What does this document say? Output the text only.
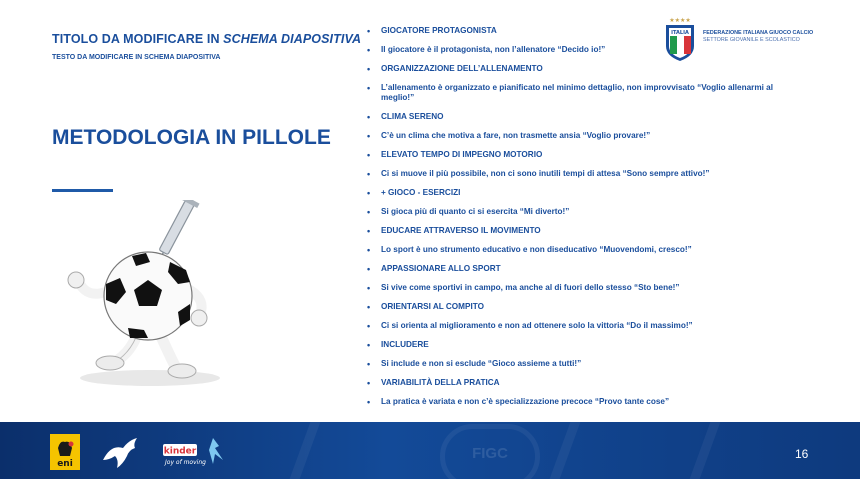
TITOLO DA MODIFICARE IN SCHEMA DIAPOSITIVA
TESTO DA MODIFICARE IN SCHEMA DIAPOSITIVA
METODOLOGIA IN PILLOLE
• GIOCATORE PROTAGONISTA
• Il giocatore è il protagonista, non l’allenatore “Decido io!”
• ORGANIZZAZIONE DELL’ALLENAMENTO
• L’allenamento è organizzato e pianificato nel minimo dettaglio, non improvvisato “Voglio allenarmi al meglio!”
• CLIMA SERENO
• C’è un clima che motiva a fare, non trasmette ansia “Voglio provare!”
• ELEVATO TEMPO DI IMPEGNO MOTORIO
• Ci si muove il più possibile, non ci sono inutili tempi di attesa “Sono sempre attivo!”
• + GIOCO - ESERCIZI
• Si gioca più di quanto ci si esercita “Mi diverto!”
• EDUCARE ATTRAVERSO IL MOVIMENTO
• Lo sport è uno strumento educativo e non diseducativo “Muovendomi, cresco!”
• APPASSIONARE ALLO SPORT
• Si vive come sportivi in campo, ma anche al di fuori dello stesso “Sto bene!”
• ORIENTARSI AL COMPITO
• Ci si orienta al miglioramento e non ad ottenere solo la vittoria “Do il massimo!”
• INCLUDERE
• Si include e non si esclude “Gioco assieme a tutti!”
• VARIABILITÀ DELLA PRATICA
• La pratica è variata e non c’è specializzazione precoce “Provo tante cose”
★★★★
ITALIA	FEDERAZIONE ITALIANA GIUOCO CALCIO
SETTORE GIOVANILE E SCOLASTICO
FIGC
eni
kinder
Joy of moving
16
